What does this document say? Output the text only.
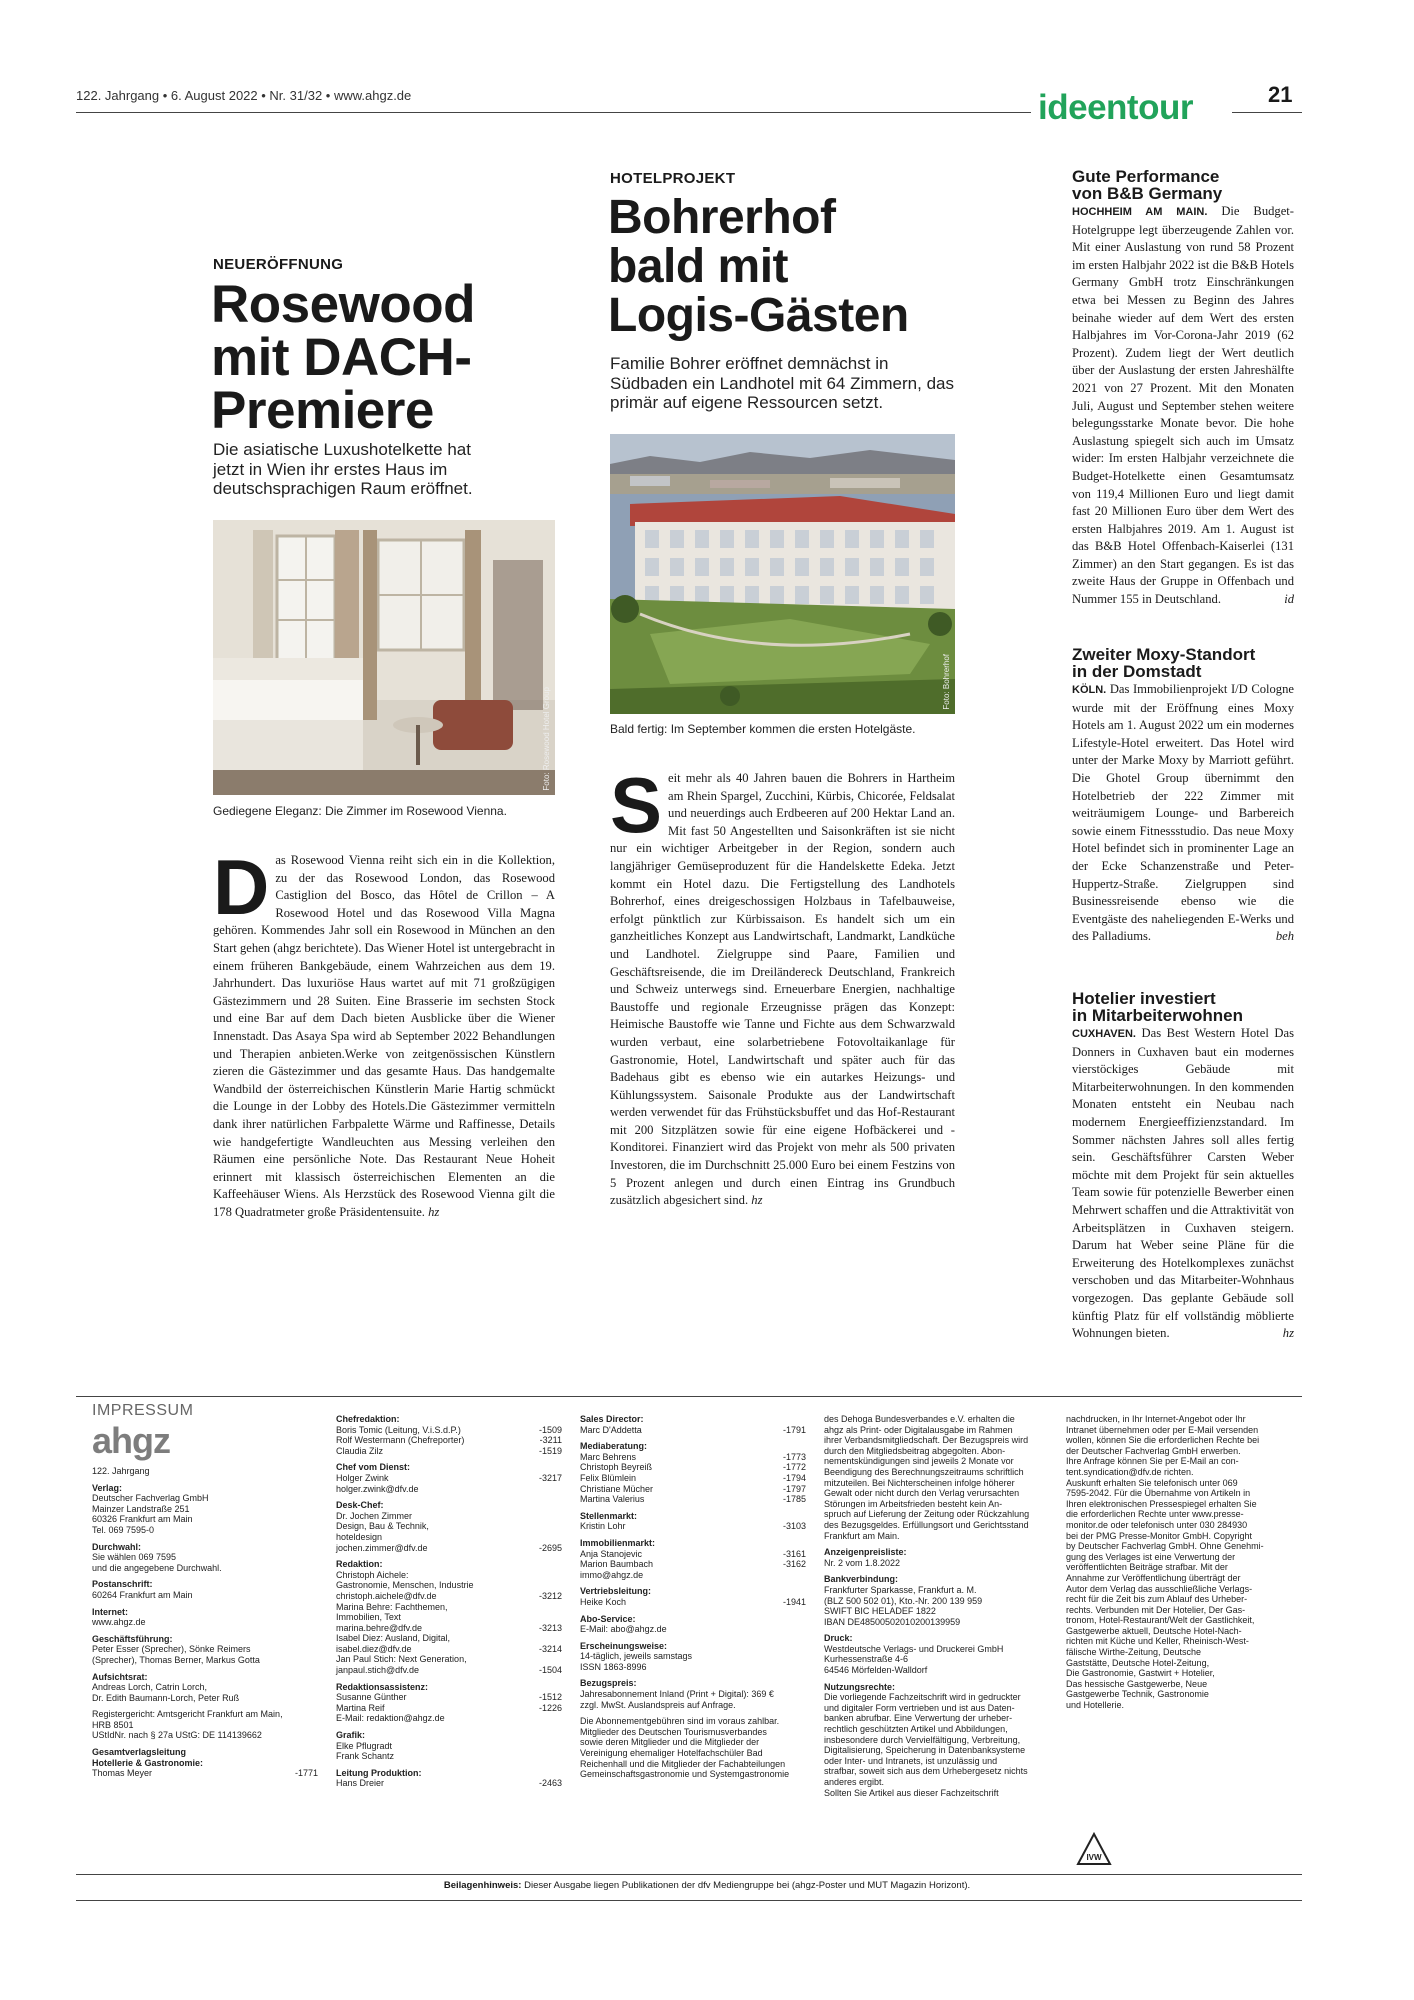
122. Jahrgang • 6. August 2022 • Nr. 31/32 • www.ahgz.de	ideentour	21
NEUERÖFFNUNG
Rosewood
mit DACH-
Premiere
Die asiatische Luxushotelkette hat jetzt in Wien ihr erstes Haus im deutschsprachigen Raum eröffnet.
Foto: Rosewood Hotel Group
Gediegene Eleganz: Die Zimmer im Rosewood Vienna.
Das Rosewood Vienna reiht sich ein in die Kollektion, zu der das Rosewood London, das Rosewood Castiglion del Bosco, das Hôtel de Crillon – A Rosewood Hotel und das Rosewood Villa Magna gehören. Kommendes Jahr soll ein Rosewood in München an den Start gehen (ahgz berichtete). Das Wiener Hotel ist untergebracht in einem früheren Bankgebäude, einem Wahrzeichen aus dem 19. Jahrhundert. Das luxuriöse Haus wartet auf mit 71 großzügigen Gästezimmern und 28 Suiten. Eine Brasserie im sechsten Stock und eine Bar auf dem Dach bieten Ausblicke über die Wiener Innenstadt. Das Asaya Spa wird ab September 2022 Behandlungen und Therapien anbieten.Werke von zeitgenössischen Künstlern zieren die Gästezimmer und das gesamte Haus. Das handgemalte Wandbild der österreichischen Künstlerin Marie Hartig schmückt die Lounge in der Lobby des Hotels.Die Gästezimmer vermitteln dank ihrer natürlichen Farbpalette Wärme und Raffinesse, Details wie handgefertigte Wandleuchten aus Messing verleihen den Räumen eine persönliche Note. Das Restaurant Neue Hoheit erinnert mit klassisch österreichischen Elementen an die Kaffeehäuser Wiens. Als Herzstück des Rosewood Vienna gilt die 178 Quadratmeter große Präsidentensuite. hz
HOTELPROJEKT
Bohrerhof
bald mit
Logis-Gästen
Familie Bohrer eröffnet demnächst in Südbaden ein Landhotel mit 64 Zimmern, das primär auf eigene Ressourcen setzt.
Foto: Bohrerhof
Bald fertig: Im September kommen die ersten Hotelgäste.
Seit mehr als 40 Jahren bauen die Bohrers in Hartheim am Rhein Spargel, Zucchini, Kürbis, Chicorée, Feldsalat und neuerdings auch Erdbeeren auf 200 Hektar Land an. Mit fast 50 Angestellten und Saisonkräften ist sie nicht nur ein wichtiger Arbeitgeber in der Region, sondern auch langjähriger Gemüseproduzent für die Handelskette Edeka. Jetzt kommt ein Hotel dazu. Die Fertigstellung des Landhotels Bohrerhof, eines dreigeschossigen Holzbaus in Tafelbauweise, erfolgt pünktlich zur Kürbissaison. Es handelt sich um ein ganzheitliches Konzept aus Landwirtschaft, Landmarkt, Landküche und Landhotel. Zielgruppe sind Paare, Familien und Geschäftsreisende, die im Dreiländereck Deutschland, Frankreich und Schweiz unterwegs sind. Erneuerbare Energien, nachhaltige Baustoffe und regionale Erzeugnisse prägen das Konzept: Heimische Baustoffe wie Tanne und Fichte aus dem Schwarzwald wurden verbaut, eine solarbetriebene Fotovoltaikanlage für Gastronomie, Hotel, Landwirtschaft und später auch für das Badehaus gibt es ebenso wie ein autarkes Heizungs- und Kühlungssystem. Saisonale Produkte aus der Landwirtschaft werden verwendet für das Frühstücksbuffet und das Hof-Restaurant mit 200 Sitzplätzen sowie für eine eigene Hofbäckerei und -Konditorei. Finanziert wird das Projekt von mehr als 500 privaten Investoren, die im Durchschnitt 25.000 Euro bei einem Festzins von 5 Prozent anlegen und durch einen Eintrag ins Grundbuch zusätzlich abgesichert sind. hz
Gute Performance
von B&B Germany
HOCHHEIM AM MAIN. Die Budget-Hotelgruppe legt überzeugende Zahlen vor. Mit einer Auslastung von rund 58 Prozent im ersten Halbjahr 2022 ist die B&B Hotels Germany GmbH trotz Einschränkungen etwa bei Messen zu Beginn des Jahres beinahe wieder auf dem Wert des ersten Halbjahres im Vor-Corona-Jahr 2019 (62 Prozent). Zudem liegt der Wert deutlich über der Auslastung der ersten Jahreshälfte 2021 von 27 Prozent. Mit den Monaten Juli, August und September stehen weitere belegungsstarke Monate bevor. Die hohe Auslastung spiegelt sich auch im Umsatz wider: Im ersten Halbjahr verzeichnete die Budget-Hotelkette einen Gesamtumsatz von 119,4 Millionen Euro und liegt damit fast 20 Millionen Euro über dem Wert des ersten Halbjahres 2019. Am 1. August ist das B&B Hotel Offenbach-Kaiserlei (131 Zimmer) an den Start gegangen. Es ist das zweite Haus der Gruppe in Offenbach und Nummer 155 in Deutschland.	id
Zweiter Moxy-Standort
in der Domstadt
KÖLN. Das Immobilienprojekt I/D Cologne wurde mit der Eröffnung eines Moxy Hotels am 1. August 2022 um ein modernes Lifestyle-Hotel erweitert. Das Hotel wird unter der Marke Moxy by Marriott geführt. Die Ghotel Group übernimmt den Hotelbetrieb der 222 Zimmer mit weiträumigem Lounge- und Barbereich sowie einem Fitnessstudio. Das neue Moxy Hotel befindet sich in prominenter Lage an der Ecke Schanzenstraße und Peter-Huppertz-Straße. Zielgruppen sind Businessreisende ebenso wie die Eventgäste des naheliegenden E-Werks und des Palladiums.	beh
Hotelier investiert
in Mitarbeiterwohnen
CUXHAVEN. Das Best Western Hotel Das Donners in Cuxhaven baut ein modernes vierstöckiges Gebäude mit Mitarbeiterwohnungen. In den kommenden Monaten entsteht ein Neubau nach modernem Energieeffizienzstandard. Im Sommer nächsten Jahres soll alles fertig sein. Geschäftsführer Carsten Weber möchte mit dem Projekt für sein aktuelles Team sowie für potenzielle Bewerber einen Mehrwert schaffen und die Attraktivität von Arbeitsplätzen in Cuxhaven steigern. Darum hat Weber seine Pläne für die Erweiterung des Hotelkomplexes zunächst verschoben und das Mitarbeiter-Wohnhaus vorgezogen. Das geplante Gebäude soll künftig Platz für elf vollständig möblierte Wohnungen bieten.	hz
IMPRESSUM
ahgz
122. Jahrgang
Verlag:
Deutscher Fachverlag GmbH
Mainzer Landstraße 251
60326 Frankfurt am Main
Tel. 069 7595-0
Durchwahl:
Sie wählen 069 7595
und die angegebene Durchwahl.
Postanschrift:
60264 Frankfurt am Main
Internet:
www.ahgz.de
Geschäftsführung:
Peter Esser (Sprecher), Sönke Reimers
(Sprecher), Thomas Berner, Markus Gotta
Aufsichtsrat:
Andreas Lorch, Catrin Lorch,
Dr. Edith Baumann-Lorch, Peter Ruß
Registergericht: Amtsgericht Frankfurt am Main,
HRB 8501
UStIdNr. nach § 27a UStG: DE 114139662
Gesamtverlagsleitung
Hotellerie & Gastronomie:
Thomas Meyer	-1771
Chefredaktion:
Boris Tomic (Leitung, V.i.S.d.P.)	-1509
Rolf Westermann (Chefreporter)	-3211
Claudia Zilz	-1519
Chef vom Dienst:
Holger Zwink	-3217
holger.zwink@dfv.de
Desk-Chef:
Dr. Jochen Zimmer
Design, Bau & Technik,
hoteldesign
jochen.zimmer@dfv.de	-2695
Redaktion:
Christoph Aichele:
Gastronomie, Menschen, Industrie
christoph.aichele@dfv.de	-3212
Marina Behre: Fachthemen,
Immobilien, Text
marina.behre@dfv.de	-3213
Isabel Diez: Ausland, Digital,
isabel.diez@dfv.de	-3214
Jan Paul Stich: Next Generation,
janpaul.stich@dfv.de	-1504
Redaktionsassistenz:
Susanne Günther	-1512
Martina Reif	-1226
E-Mail: redaktion@ahgz.de
Grafik:
Elke Pflugradt
Frank Schantz
Leitung Produktion:
Hans Dreier	-2463
Sales Director:
Marc D'Addetta	-1791
Mediaberatung:
Marc Behrens	-1773
Christoph Beyreiß	-1772
Felix Blümlein	-1794
Christiane Mücher	-1797
Martina Valerius	-1785
Stellenmarkt:
Kristin Lohr	-3103
Immobilienmarkt:
Anja Stanojevic	-3161
Marion Baumbach	-3162
immo@ahgz.de
Vertriebsleitung:
Heike Koch	-1941
Abo-Service:
E-Mail: abo@ahgz.de
Erscheinungsweise:
14-täglich, jeweils samstags
ISSN 1863-8996
Bezugspreis:
Jahresabonnement Inland (Print + Digital): 369 €
zzgl. MwSt. Auslandspreis auf Anfrage.
Die Abonnementgebühren sind im voraus zahlbar.
Mitglieder des Deutschen Tourismusverbandes
sowie deren Mitglieder und die Mitglieder der
Vereinigung ehemaliger Hotelfachschüler Bad
Reichenhall und die Mitglieder der Fachabteilungen
Gemeinschaftsgastronomie und Systemgastronomie
des Dehoga Bundesverbandes e.V. erhalten die
ahgz als Print- oder Digitalausgabe im Rahmen
ihrer Verbandsmitgliedschaft. Der Bezugspreis wird
durch den Mitgliedsbeitrag abgegolten. Abon-
nementskündigungen sind jeweils 2 Monate vor
Beendigung des Berechnungszeitraums schriftlich
mitzuteilen. Bei Nichterscheinen infolge höherer
Gewalt oder nicht durch den Verlag verursachten
Störungen im Arbeitsfrieden besteht kein An-
spruch auf Lieferung der Zeitung oder Rückzahlung
des Bezugsgeldes. Erfüllungsort und Gerichtsstand
Frankfurt am Main.
Anzeigenpreisliste:
Nr. 2 vom 1.8.2022
Bankverbindung:
Frankfurter Sparkasse, Frankfurt a. M.
(BLZ 500 502 01), Kto.-Nr. 200 139 959
SWIFT BIC HELADEF 1822
IBAN DE48500502010200139959
Druck:
Westdeutsche Verlags- und Druckerei GmbH
Kurhessenstraße 4-6
64546 Mörfelden-Walldorf
Nutzungsrechte:
Die vorliegende Fachzeitschrift wird in gedruckter
und digitaler Form vertrieben und ist aus Daten-
banken abrufbar. Eine Verwertung der urheber-
rechtlich geschützten Artikel und Abbildungen,
insbesondere durch Vervielfältigung, Verbreitung,
Digitalisierung, Speicherung in Datenbanksysteme
oder Inter- und Intranets, ist unzulässig und
strafbar, soweit sich aus dem Urhebergesetz nichts
anderes ergibt.
Sollten Sie Artikel aus dieser Fachzeitschrift
nachdrucken, in Ihr Internet-Angebot oder Ihr
Intranet übernehmen oder per E-Mail versenden
wollen, können Sie die erforderlichen Rechte bei
der Deutscher Fachverlag GmbH erwerben.
Ihre Anfrage können Sie per E-Mail an con-
tent.syndication@dfv.de richten.
Auskunft erhalten Sie telefonisch unter 069
7595-2042. Für die Übernahme von Artikeln in
Ihren elektronischen Pressespiegel erhalten Sie
die erforderlichen Rechte unter www.presse-
monitor.de oder telefonisch unter 030 284930
bei der PMG Presse-Monitor GmbH. Copyright
by Deutscher Fachverlag GmbH. Ohne Genehmi-
gung des Verlages ist eine Verwertung der
veröffentlichten Beiträge strafbar. Mit der
Annahme zur Veröffentlichung überträgt der
Autor dem Verlag das ausschließliche Verlags-
recht für die Zeit bis zum Ablauf des Urheber-
rechts. Verbunden mit Der Hotelier, Der Gas-
tronom, Hotel-Restaurant/Welt der Gastlichkeit,
Gastgewerbe aktuell, Deutsche Hotel-Nach-
richten mit Küche und Keller, Rheinisch-West-
fälische Wirthe-Zeitung, Deutsche
Gaststätte, Deutsche Hotel-Zeitung,
Die Gastronomie, Gastwirt + Hotelier,
Das hessische Gastgewerbe, Neue
Gastgewerbe Technik, Gastronomie
und Hotellerie.
IVW
Beilagenhinweis: Dieser Ausgabe liegen Publikationen der dfv Mediengruppe bei (ahgz-Poster und MUT Magazin Horizont).
